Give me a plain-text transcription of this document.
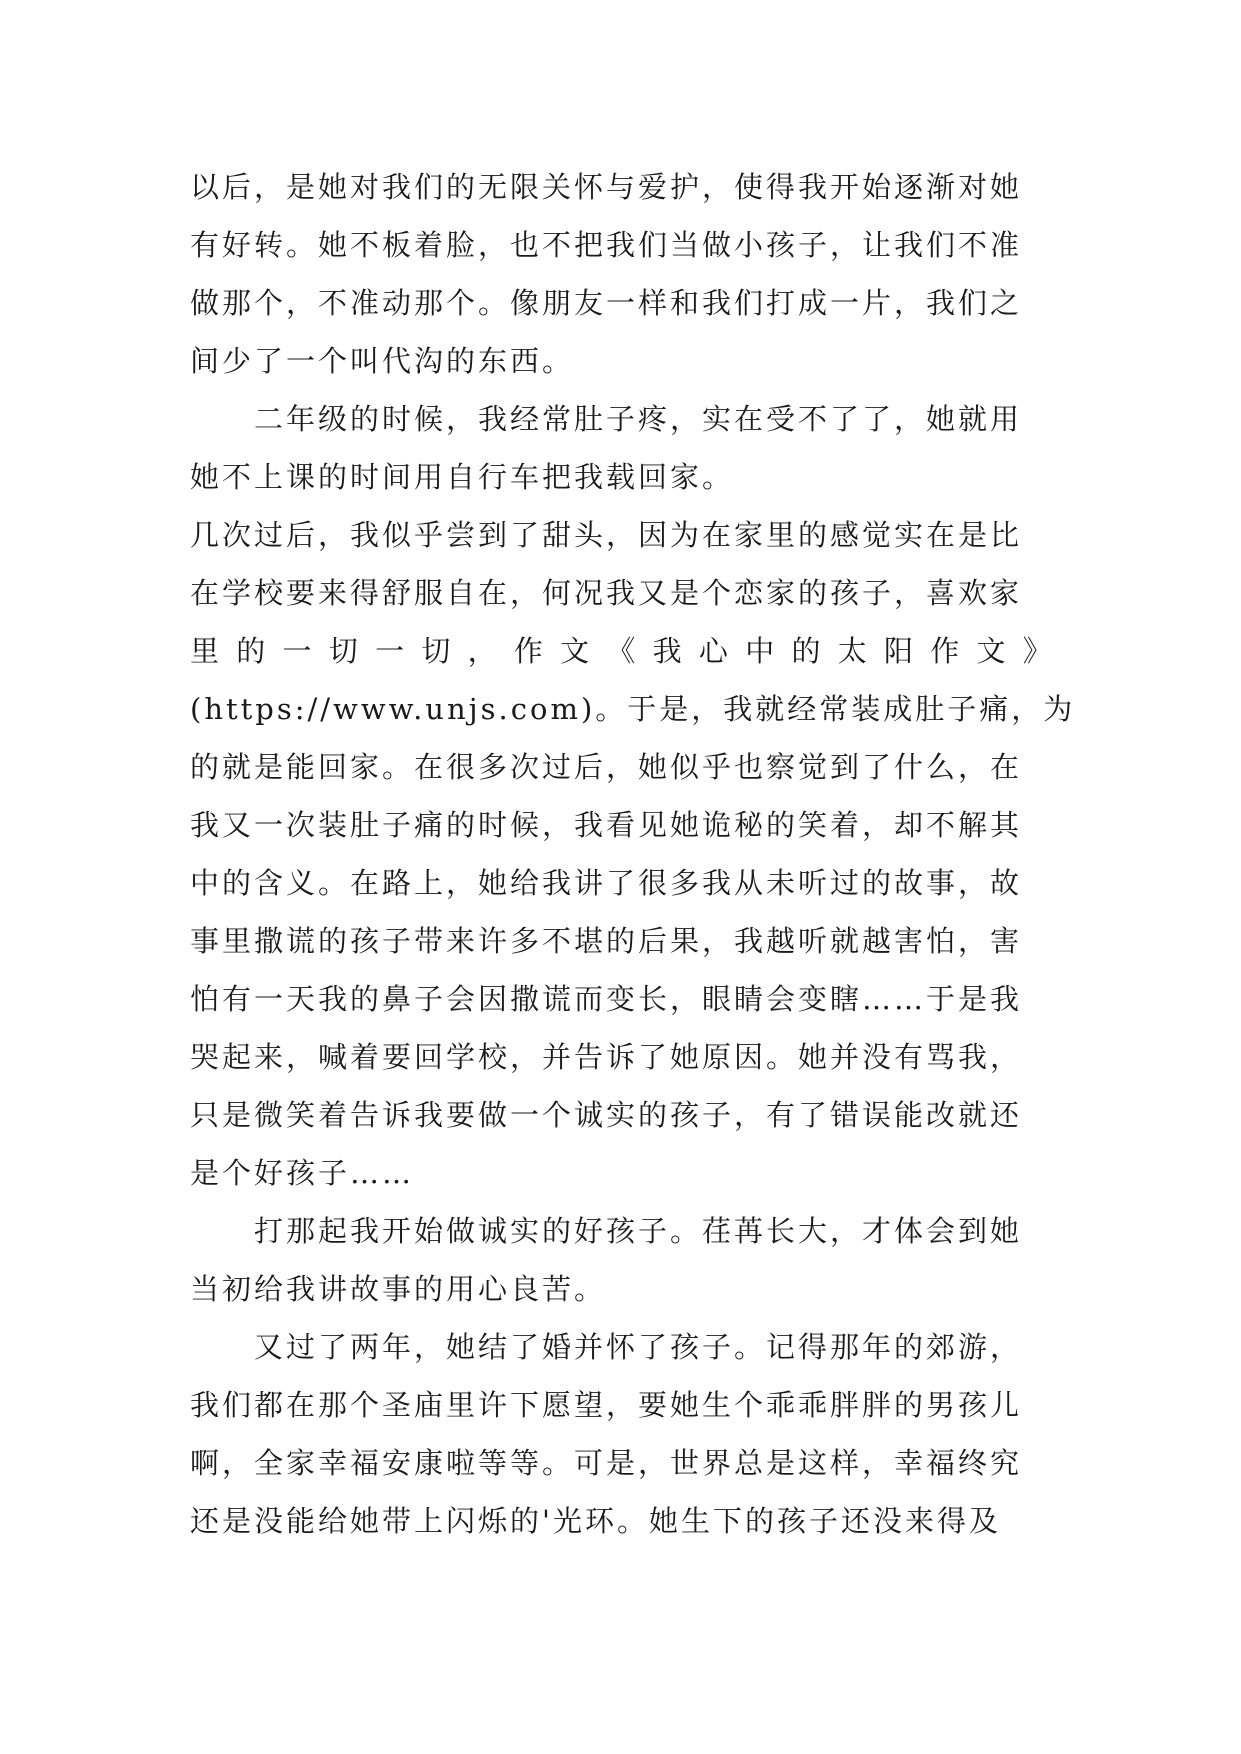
以后，是她对我们的无限关怀与爱护，使得我开始逐渐对她
有好转。她不板着脸，也不把我们当做小孩子，让我们不准
做那个，不准动那个。像朋友一样和我们打成一片，我们之
间少了一个叫代沟的东西。
二年级的时候，我经常肚子疼，实在受不了了，她就用
她不上课的时间用自行车把我载回家。
几次过后，我似乎尝到了甜头，因为在家里的感觉实在是比
在学校要来得舒服自在，何况我又是个恋家的孩子，喜欢家
里 的 一 切 一 切 ， 作 文 《 我 心 中 的 太 阳 作 文 》
(https://www.unjs.com)。于是，我就经常装成肚子痛，为
的就是能回家。在很多次过后，她似乎也察觉到了什么，在
我又一次装肚子痛的时候，我看见她诡秘的笑着，却不解其
中的含义。在路上，她给我讲了很多我从未听过的故事，故
事里撒谎的孩子带来许多不堪的后果，我越听就越害怕，害
怕有一天我的鼻子会因撒谎而变长，眼睛会变瞎……于是我
哭起来，喊着要回学校，并告诉了她原因。她并没有骂我，
只是微笑着告诉我要做一个诚实的孩子，有了错误能改就还
是个好孩子……
打那起我开始做诚实的好孩子。荏苒长大，才体会到她
当初给我讲故事的用心良苦。
又过了两年，她结了婚并怀了孩子。记得那年的郊游，
我们都在那个圣庙里许下愿望，要她生个乖乖胖胖的男孩儿
啊，全家幸福安康啦等等。可是，世界总是这样，幸福终究
还是没能给她带上闪烁的'光环。她生下的孩子还没来得及
